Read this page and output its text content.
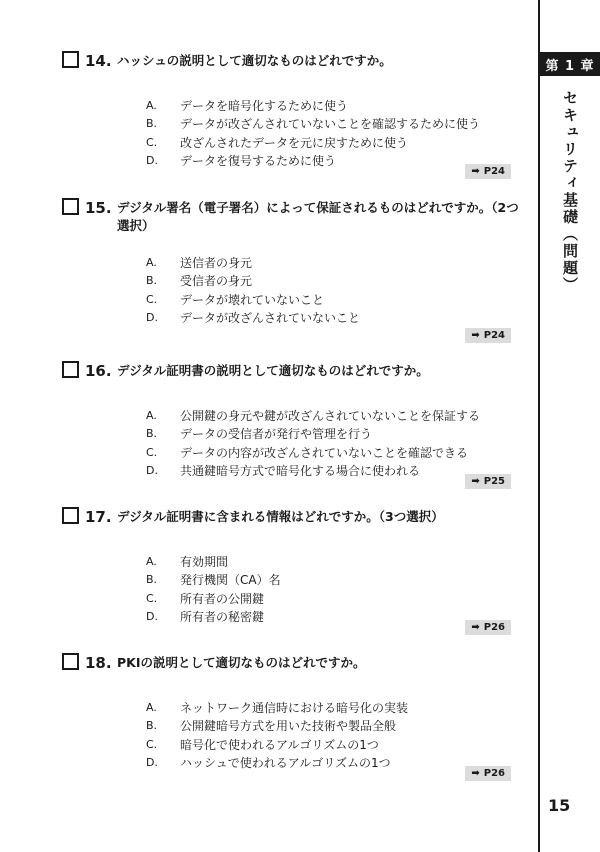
第 1 章
セキュリティ基礎（問題）
15
14. ハッシュの説明として適切なものはどれですか。
A.	データを暗号化するために使う
B.	データが改ざんされていないことを確認するために使う
C.	改ざんされたデータを元に戻すために使う
D.	データを復号するために使う
➡ P24
15. デジタル署名（電子署名）によって保証されるものはどれですか。（2つ選択）
A.	送信者の身元
B.	受信者の身元
C.	データが壊れていないこと
D.	データが改ざんされていないこと
➡ P24
16. デジタル証明書の説明として適切なものはどれですか。
A.	公開鍵の身元や鍵が改ざんされていないことを保証する
B.	データの受信者が発行や管理を行う
C.	データの内容が改ざんされていないことを確認できる
D.	共通鍵暗号方式で暗号化する場合に使われる
➡ P25
17. デジタル証明書に含まれる情報はどれですか。（3つ選択）
A.	有効期間
B.	発行機関（CA）名
C.	所有者の公開鍵
D.	所有者の秘密鍵
➡ P26
18. PKIの説明として適切なものはどれですか。
A.	ネットワーク通信時における暗号化の実装
B.	公開鍵暗号方式を用いた技術や製品全般
C.	暗号化で使われるアルゴリズムの1つ
D.	ハッシュで使われるアルゴリズムの1つ
➡ P26
